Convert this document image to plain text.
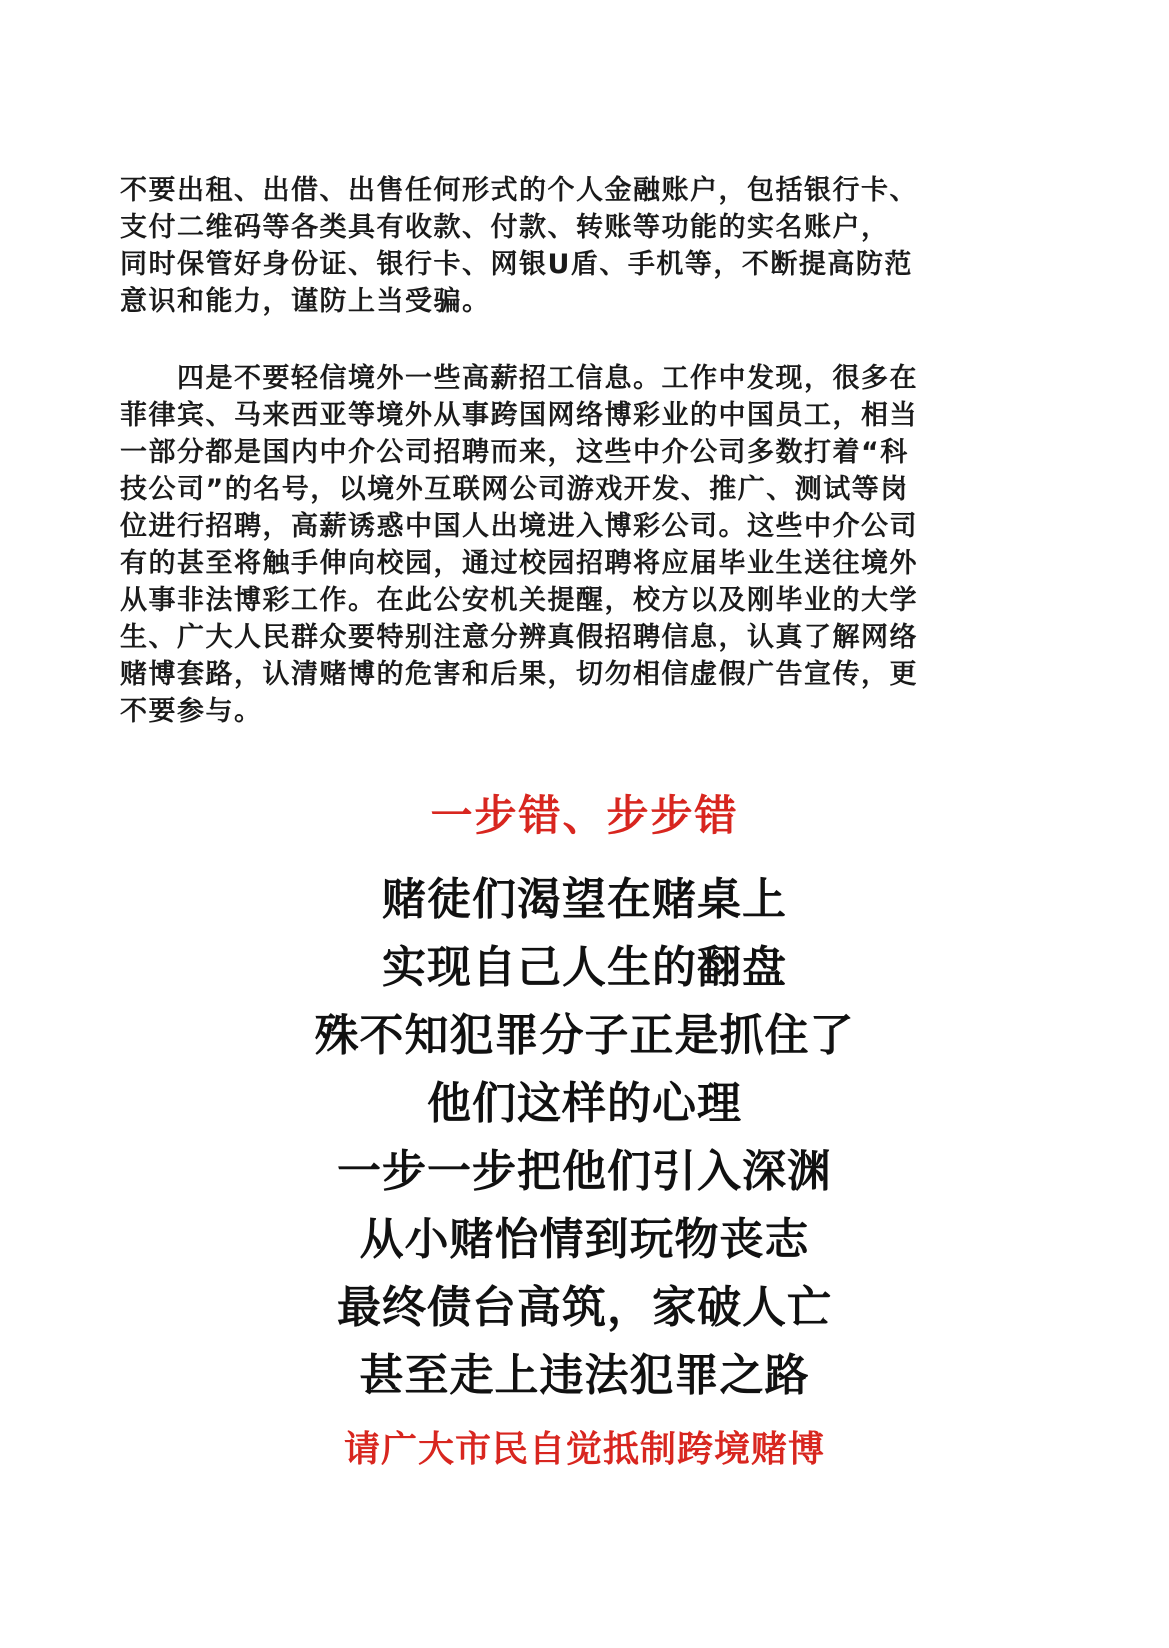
不要出租、出借、出售任何形式的个人金融账户，包括银行卡、
支付二维码等各类具有收款、付款、转账等功能的实名账户，
同时保管好身份证、银行卡、网银U盾、手机等，不断提高防范
意识和能力，谨防上当受骗。
　　四是不要轻信境外一些高薪招工信息。工作中发现，很多在
菲律宾、马来西亚等境外从事跨国网络博彩业的中国员工，相当
一部分都是国内中介公司招聘而来，这些中介公司多数打着“科
技公司”的名号，以境外互联网公司游戏开发、推广、测试等岗
位进行招聘，高薪诱惑中国人出境进入博彩公司。这些中介公司
有的甚至将触手伸向校园，通过校园招聘将应届毕业生送往境外
从事非法博彩工作。在此公安机关提醒，校方以及刚毕业的大学
生、广大人民群众要特别注意分辨真假招聘信息，认真了解网络
赌博套路，认清赌博的危害和后果，切勿相信虚假广告宣传，更
不要参与。
一步错、步步错
赌徒们渴望在赌桌上
实现自己人生的翻盘
殊不知犯罪分子正是抓住了
他们这样的心理
一步一步把他们引入深渊
从小赌怡情到玩物丧志
最终债台高筑，家破人亡
甚至走上违法犯罪之路
请广大市民自觉抵制跨境赌博
